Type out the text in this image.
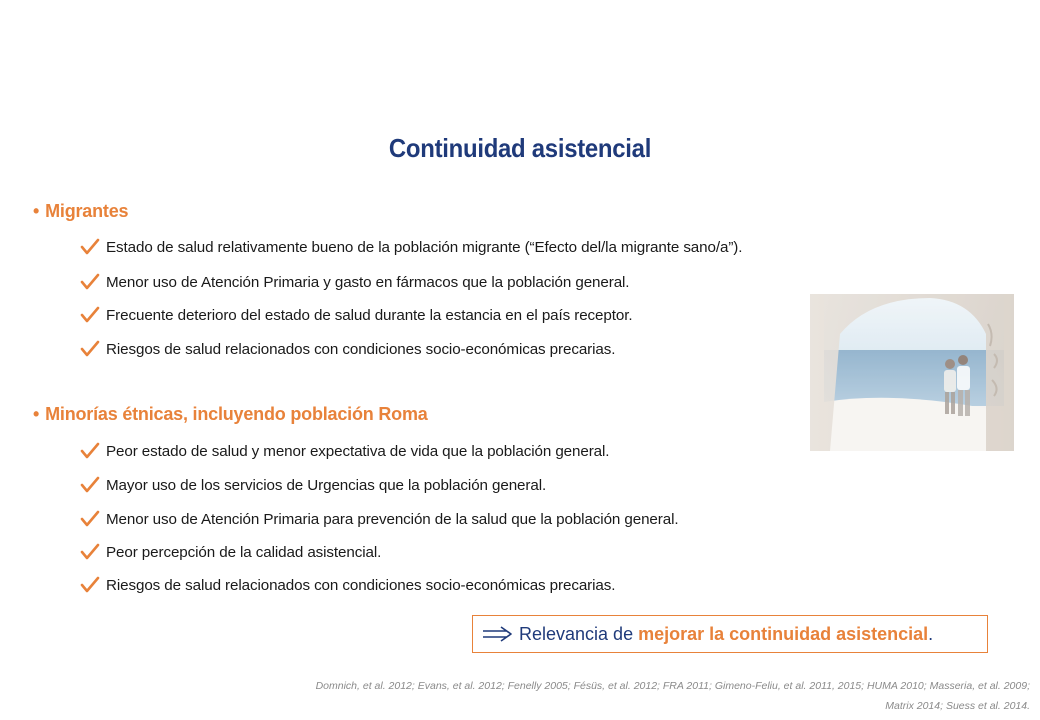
Continuidad asistencial
• Migrantes
Estado de salud relativamente bueno de la población migrante (“Efecto del/la migrante sano/a”).
Menor uso de Atención Primaria y gasto en fármacos que la población general.
Frecuente deterioro del estado de salud durante la estancia en el país receptor.
Riesgos de salud relacionados con condiciones socio-económicas precarias.
• Minorías étnicas, incluyendo población Roma
Peor estado de salud y menor expectativa de vida que la población general.
Mayor uso de los servicios de Urgencias que la población general.
Menor uso de Atención Primaria para prevención de la salud que la población general.
Peor percepción de la calidad asistencial.
Riesgos de salud relacionados con condiciones socio-económicas precarias.
Relevancia de mejorar la continuidad asistencial .
Domnich, et al. 2012; Evans, et al. 2012; Fenelly 2005; Fésüs, et al. 2012; FRA 2011; Gimeno-Feliu, et al. 2011, 2015; HUMA 2010; Masseria, et al. 2009;
Matrix 2014; Suess et al. 2014.
